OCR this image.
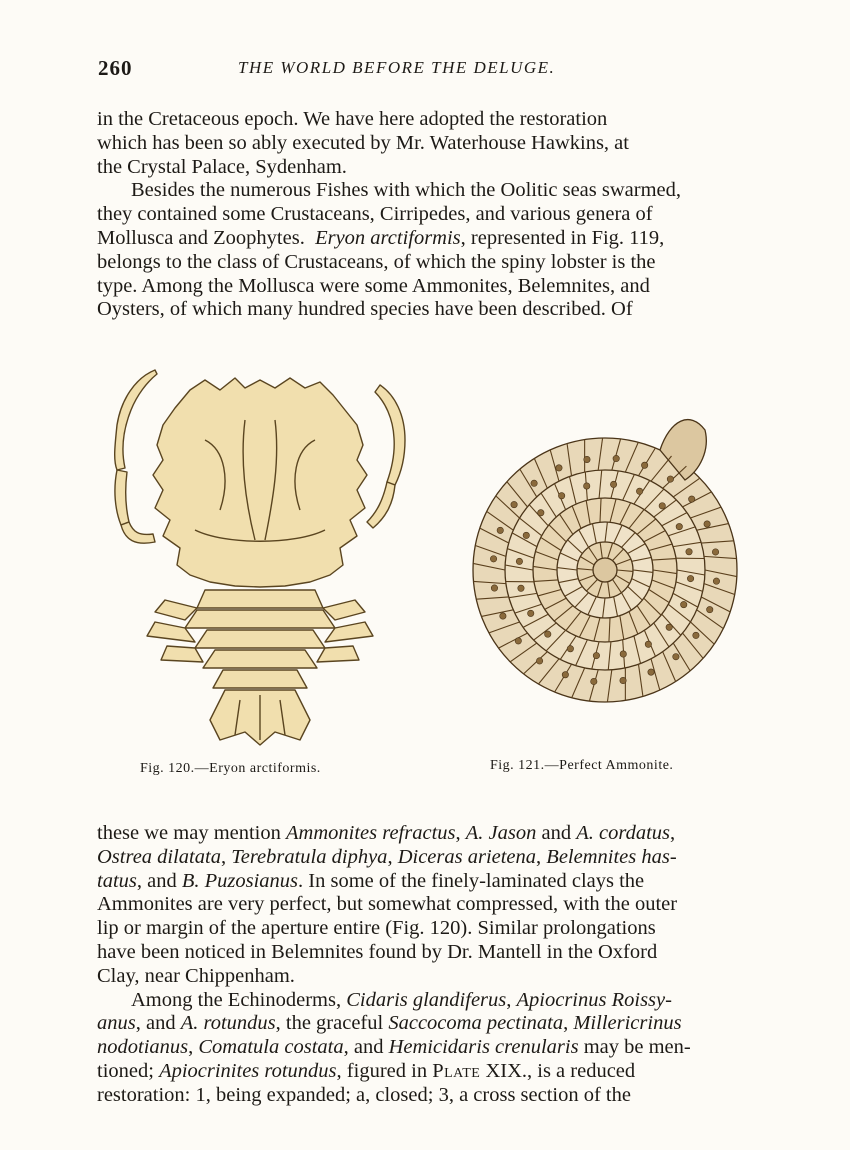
260	THE WORLD BEFORE THE DELUGE.

in the Cretaceous epoch. We have here adopted the restoration
which has been so ably executed by Mr. Waterhouse Hawkins, at
the Crystal Palace, Sydenham.
Besides the numerous Fishes with which the Oolitic seas swarmed,
they contained some Crustaceans, Cirripedes, and various genera of
Mollusca and Zoophytes. Eryon arctiformis, represented in Fig. 119,
belongs to the class of Crustaceans, of which the spiny lobster is the
type. Among the Mollusca were some Ammonites, Belemnites, and
Oysters, of which many hundred species have been described. Of

Fig. 120.—Eryon arctiformis.	Fig. 121.—Perfect Ammonite.

these we may mention Ammonites refractus, A. Jason and A. cordatus,
Ostrea dilatata, Terebratula diphya, Diceras arietena, Belemnites has-
tatus, and B. Puzosianus. In some of the finely-laminated clays the
Ammonites are very perfect, but somewhat compressed, with the outer
lip or margin of the aperture entire (Fig. 120). Similar prolongations
have been noticed in Belemnites found by Dr. Mantell in the Oxford
Clay, near Chippenham.
Among the Echinoderms, Cidaris glandiferus, Apiocrinus Roissy-
anus, and A. rotundus, the graceful Saccocoma pectinata, Millericrinus
nodotianus, Comatula costata, and Hemicidaris crenularis may be men-
tioned; Apiocrinites rotundus, figured in Plate XIX., is a reduced
restoration: 1, being expanded; a, closed; 3, a cross section of the
